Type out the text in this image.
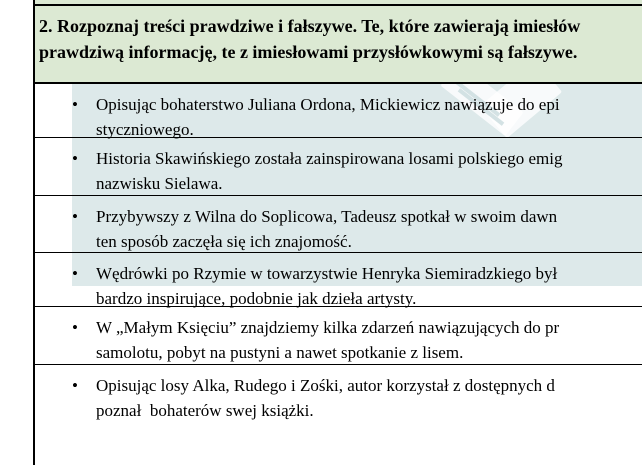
2. Rozpoznaj treści prawdziwe i fałszywe. Te, które zawierają imiesłów
prawdziwą informację, te z imiesłowami przysłówkowymi są fałszywe.
• Opisując bohaterstwo Juliana Ordona, Mickiewicz nawiązuje do epi
styczniowego.
• Historia Skawińskiego została zainspirowana losami polskiego emig
nazwisku Sielawa.
• Przybywszy z Wilna do Soplicowa, Tadeusz spotkał w swoim dawn
ten sposób zaczęła się ich znajomość.
• Wędrówki po Rzymie w towarzystwie Henryka Siemiradzkiego był
bardzo inspirujące, podobnie jak dzieła artysty.
• W „Małym Księciu” znajdziemy kilka zdarzeń nawiązujących do pr
samolotu, pobyt na pustyni a nawet spotkanie z lisem.
• Opisując losy Alka, Rudego i Zośki, autor korzystał z dostępnych d
poznał  bohaterów swej książki.
